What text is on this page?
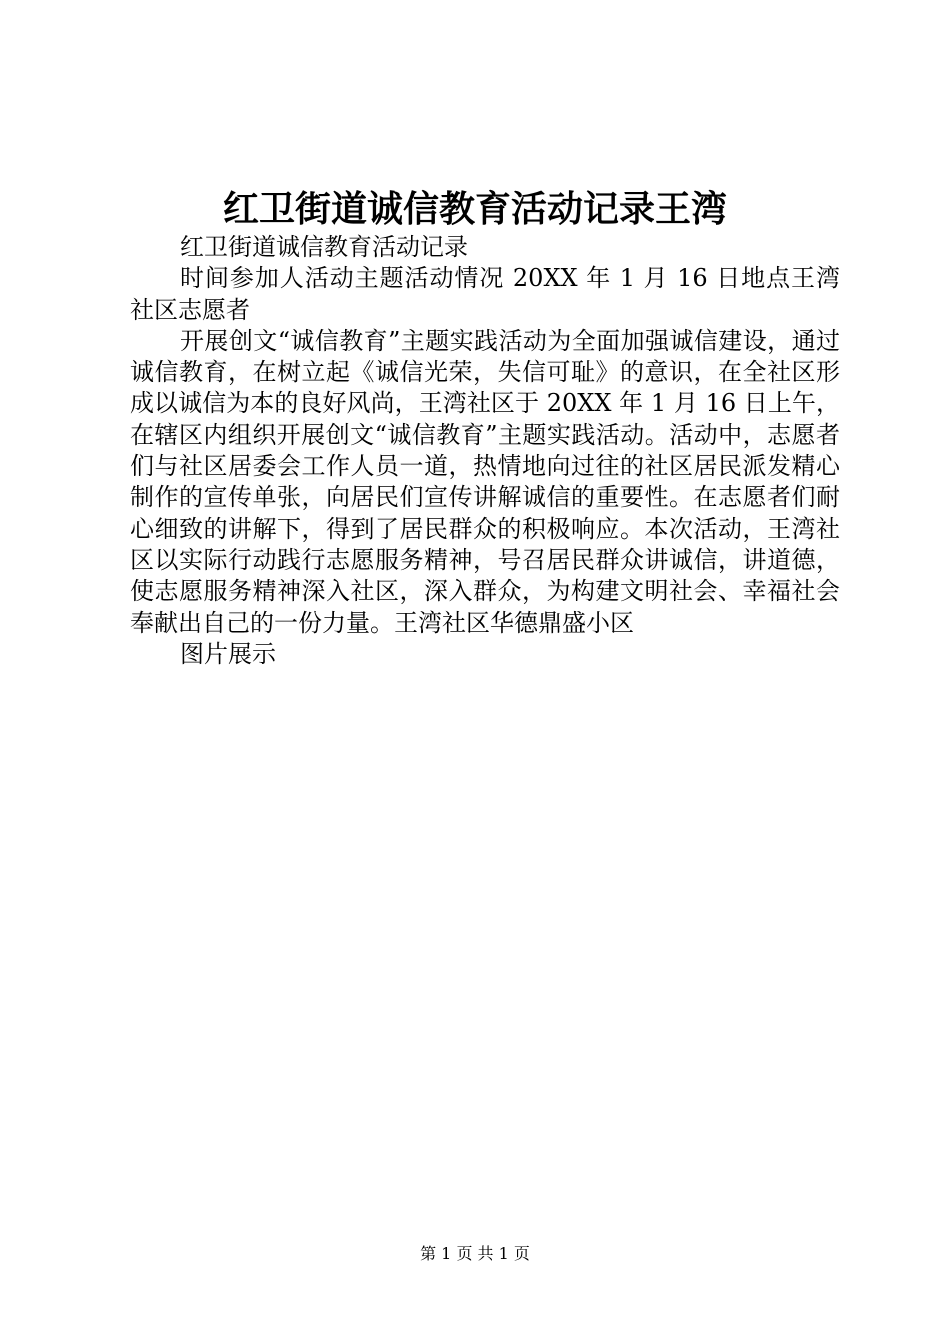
红卫街道诚信教育活动记录王湾

红卫街道诚信教育活动记录

时间参加人活动主题活动情况 20XX 年 1 月 16 日地点王湾社区志愿者

开展创文“诚信教育”主题实践活动为全面加强诚信建设，通过诚信教育，在树立起《诚信光荣，失信可耻》的意识，在全社区形成以诚信为本的良好风尚，王湾社区于 20XX 年 1 月 16 日上午，在辖区内组织开展创文“诚信教育”主题实践活动。活动中，志愿者们与社区居委会工作人员一道，热情地向过往的社区居民派发精心制作的宣传单张，向居民们宣传讲解诚信的重要性。在志愿者们耐心细致的讲解下，得到了居民群众的积极响应。本次活动，王湾社区以实际行动践行志愿服务精神，号召居民群众讲诚信，讲道德，使志愿服务精神深入社区，深入群众，为构建文明社会、幸福社会奉献出自己的一份力量。王湾社区华德鼎盛小区

图片展示

第 1 页 共 1 页
